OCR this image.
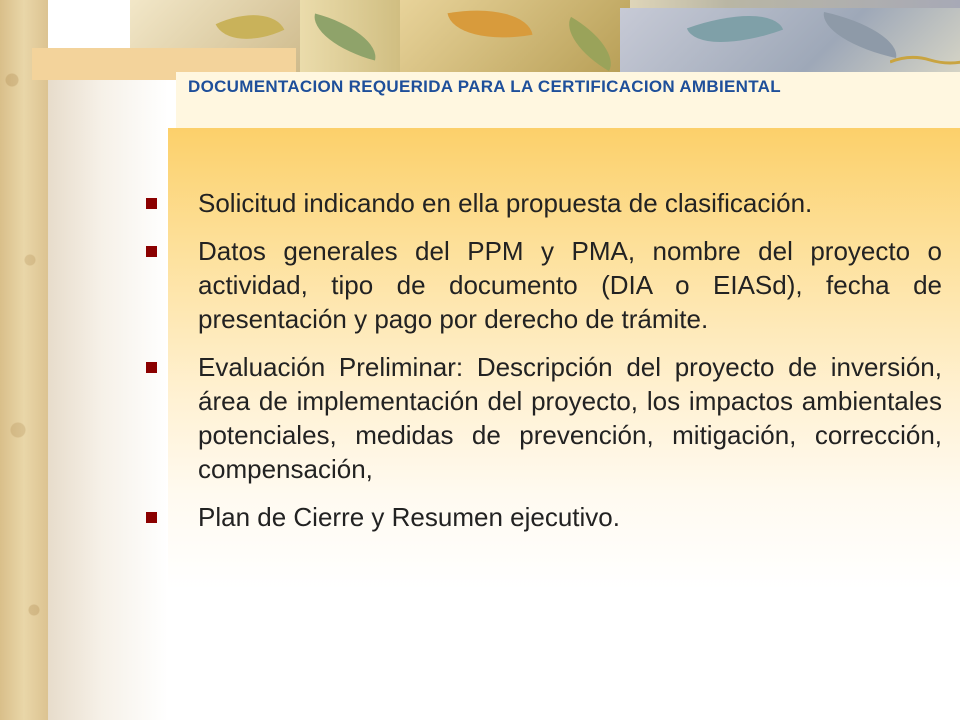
DOCUMENTACION REQUERIDA PARA LA CERTIFICACION AMBIENTAL
Solicitud indicando en ella propuesta de clasificación.
Datos generales del PPM y PMA, nombre del proyecto o actividad, tipo de documento (DIA o EIASd), fecha de presentación y pago por derecho de trámite.
Evaluación Preliminar: Descripción del proyecto de inversión, área de implementación del proyecto, los impactos ambientales potenciales, medidas de prevención, mitigación, corrección, compensación,
Plan de Cierre y Resumen ejecutivo.
